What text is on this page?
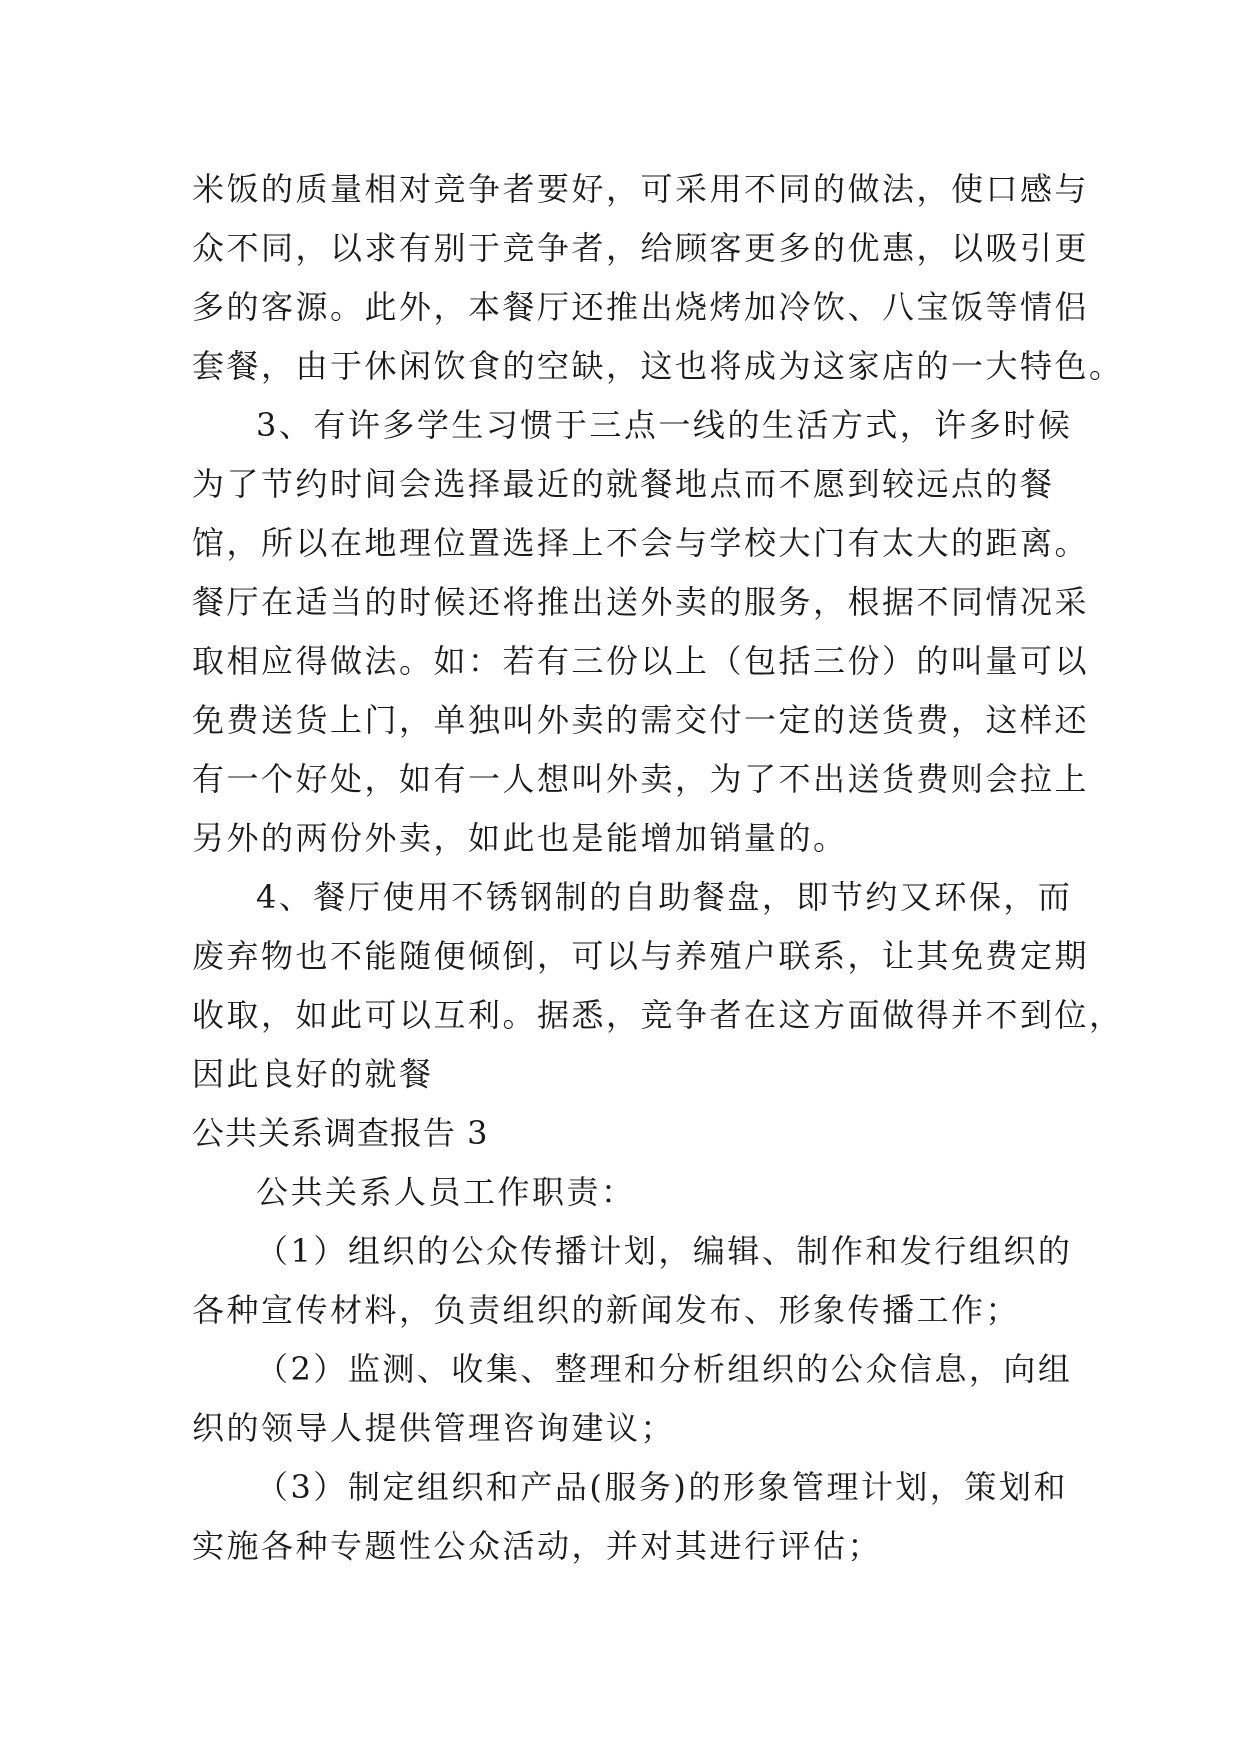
米饭的质量相对竞争者要好，可采用不同的做法，使口感与
众不同，以求有别于竞争者，给顾客更多的优惠，以吸引更
多的客源。此外，本餐厅还推出烧烤加冷饮、八宝饭等情侣
套餐，由于休闲饮食的空缺，这也将成为这家店的一大特色。
3、有许多学生习惯于三点一线的生活方式，许多时候
为了节约时间会选择最近的就餐地点而不愿到较远点的餐
馆，所以在地理位置选择上不会与学校大门有太大的距离。
餐厅在适当的时候还将推出送外卖的服务，根据不同情况采
取相应得做法。如：若有三份以上（包括三份）的叫量可以
免费送货上门，单独叫外卖的需交付一定的送货费，这样还
有一个好处，如有一人想叫外卖，为了不出送货费则会拉上
另外的两份外卖，如此也是能增加销量的。
4、餐厅使用不锈钢制的自助餐盘，即节约又环保，而
废弃物也不能随便倾倒，可以与养殖户联系，让其免费定期
收取，如此可以互利。据悉，竞争者在这方面做得并不到位，
因此良好的就餐
公共关系调查报告 3
公共关系人员工作职责：
（1）组织的公众传播计划，编辑、制作和发行组织的
各种宣传材料，负责组织的新闻发布、形象传播工作；
（2）监测、收集、整理和分析组织的公众信息，向组
织的领导人提供管理咨询建议；
（3）制定组织和产品(服务)的形象管理计划，策划和
实施各种专题性公众活动，并对其进行评估；
